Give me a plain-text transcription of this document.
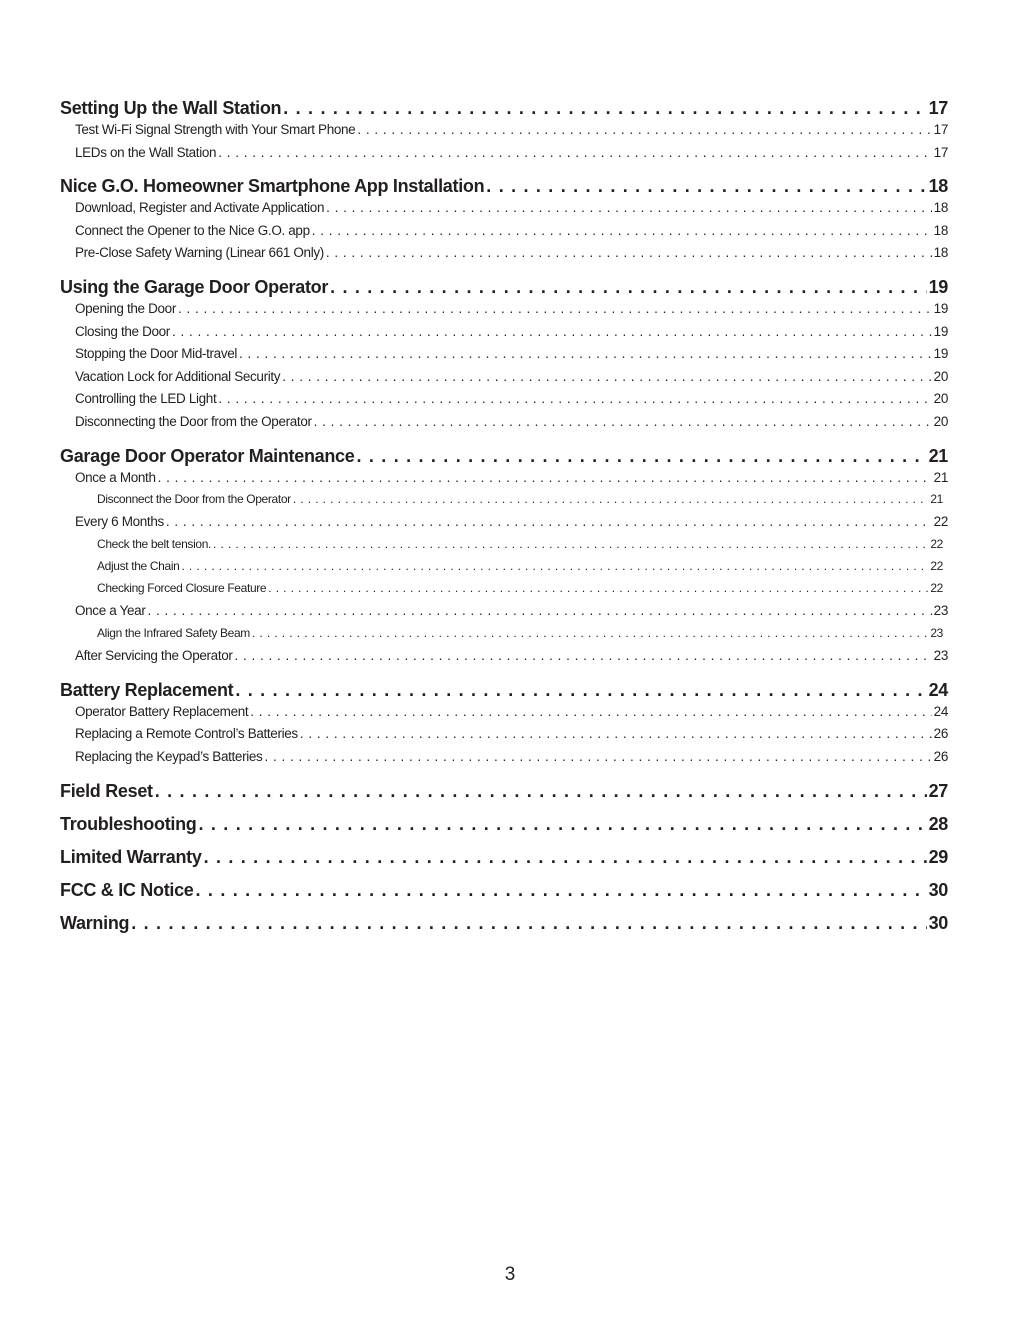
Setting Up the Wall Station . . .	17
Test Wi-Fi Signal Strength with Your Smart Phone . . .	17
LEDs on the Wall Station . . .	17
Nice G.O. Homeowner Smartphone App Installation . . .	18
Download, Register and Activate Application . . .	18
Connect the Opener to the Nice G.O. app . . .	18
Pre-Close Safety Warning (Linear 661 Only) . . .	18
Using the Garage Door Operator . . .	19
Opening the Door . . .	19
Closing the Door . . .	19
Stopping the Door Mid-travel . . .	19
Vacation Lock for Additional Security . . .	20
Controlling the LED Light . . .	20
Disconnecting the Door from the Operator . . .	20
Garage Door Operator Maintenance . . .	21
Once a Month . . .	21
Disconnect the Door from the Operator . . .	21
Every 6 Months . . .	22
Check the belt tension. . . .	22
Adjust the Chain . . .	22
Checking Forced Closure Feature . . .	22
Once a Year . . .	23
Align the Infrared Safety Beam . . .	23
After Servicing the Operator . . .	23
Battery Replacement . . .	24
Operator Battery Replacement . . .	24
Replacing a Remote Control’s Batteries . . .	26
Replacing the Keypad’s Batteries . . .	26
Field Reset . . .	27
Troubleshooting . . .	28
Limited Warranty . . .	29
FCC & IC Notice . . .	30
Warning . . .	30
3
